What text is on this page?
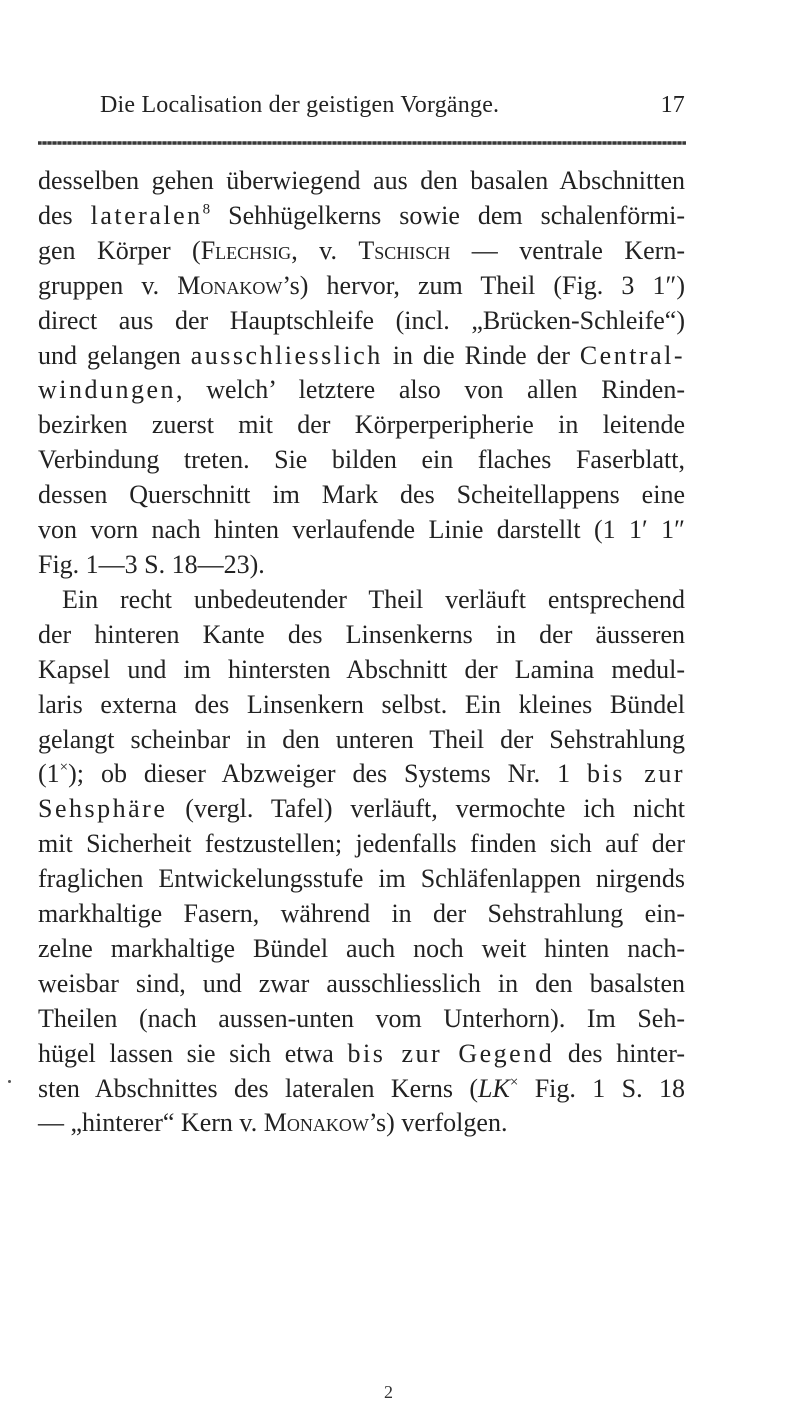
Die Localisation der geistigen Vorgänge.	17
desselben gehen überwiegend aus den basalen Abschnitten
des lateralen$^8$ Sehhügelkerns sowie dem schalenförmi-
gen Körper (Flechsig, v. Tschisch — ventrale Kern-
gruppen v. Monakow’s) hervor, zum Theil (Fig. 3 1″)
direct aus der Hauptschleife (incl. „Brücken-Schleife“)
und gelangen ausschliesslich in die Rinde der Central-
windungen, welch’ letztere also von allen Rinden-
bezirken zuerst mit der Körperperipherie in leitende
Verbindung treten. Sie bilden ein flaches Faserblatt,
dessen Querschnitt im Mark des Scheitellappens eine
von vorn nach hinten verlaufende Linie darstellt (1 1′ 1″
Fig. 1—3 S. 18—23).
Ein recht unbedeutender Theil verläuft entsprechend
der hinteren Kante des Linsenkerns in der äusseren
Kapsel und im hintersten Abschnitt der Lamina medul-
laris externa des Linsenkern selbst. Ein kleines Bündel
gelangt scheinbar in den unteren Theil der Sehstrahlung
(1×); ob dieser Abzweiger des Systems Nr. 1 bis zur
Sehsphäre (vergl. Tafel) verläuft, vermochte ich nicht
mit Sicherheit festzustellen; jedenfalls finden sich auf der
fraglichen Entwickelungsstufe im Schläfenlappen nirgends
markhaltige Fasern, während in der Sehstrahlung ein-
zelne markhaltige Bündel auch noch weit hinten nach-
weisbar sind, und zwar ausschliesslich in den basalsten
Theilen (nach aussen-unten vom Unterhorn). Im Seh-
hügel lassen sie sich etwa bis zur Gegend des hinter-
sten Abschnittes des lateralen Kerns (LK× Fig. 1 S. 18
— „hinterer“ Kern v. Monakow’s) verfolgen.
2
